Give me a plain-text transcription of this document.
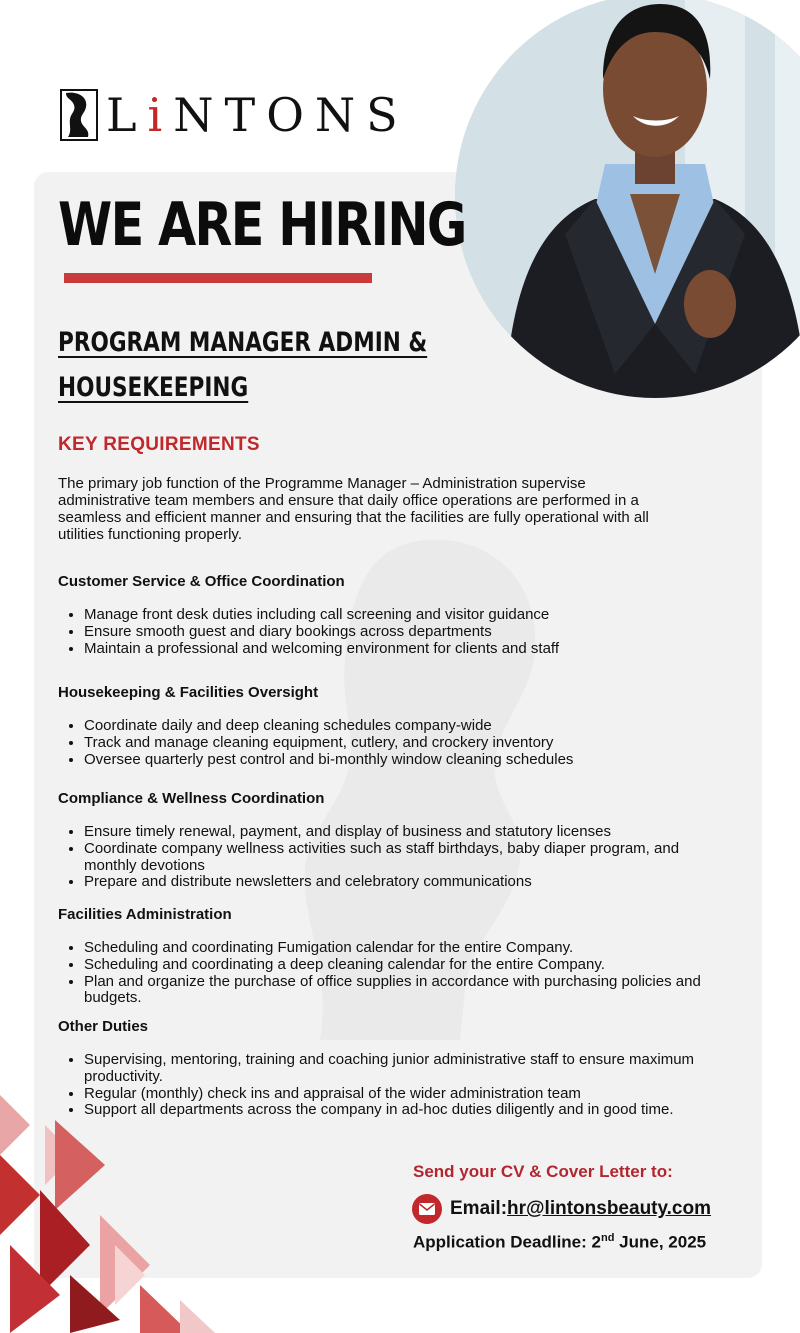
LiNTONS
WE ARE HIRING
PROGRAM MANAGER ADMIN &
HOUSEKEEPING
KEY REQUIREMENTS
The primary job function of the Programme Manager – Administration supervise administrative team members and ensure that daily office operations are performed in a seamless and efficient manner and ensuring that the facilities are fully operational with all utilities functioning properly.
Customer Service & Office Coordination
• Manage front desk duties including call screening and visitor guidance
• Ensure smooth guest and diary bookings across departments
• Maintain a professional and welcoming environment for clients and staff
Housekeeping & Facilities Oversight
• Coordinate daily and deep cleaning schedules company-wide
• Track and manage cleaning equipment, cutlery, and crockery inventory
• Oversee quarterly pest control and bi-monthly window cleaning schedules
Compliance & Wellness Coordination
• Ensure timely renewal, payment, and display of business and statutory licenses
• Coordinate company wellness activities such as staff birthdays, baby diaper program, and monthly devotions
• Prepare and distribute newsletters and celebratory communications
Facilities Administration
• Scheduling and coordinating Fumigation calendar for the entire Company.
• Scheduling and coordinating a deep cleaning calendar for the entire Company.
• Plan and organize the purchase of office supplies in accordance with purchasing policies and budgets.
Other Duties
• Supervising, mentoring, training and coaching junior administrative staff to ensure maximum productivity.
• Regular (monthly) check ins and appraisal of the wider administration team
• Support all departments across the company in ad-hoc duties diligently and in good time.
Send your CV & Cover Letter to:
Email: hr@lintonsbeauty.com
Application Deadline: 2nd June, 2025
